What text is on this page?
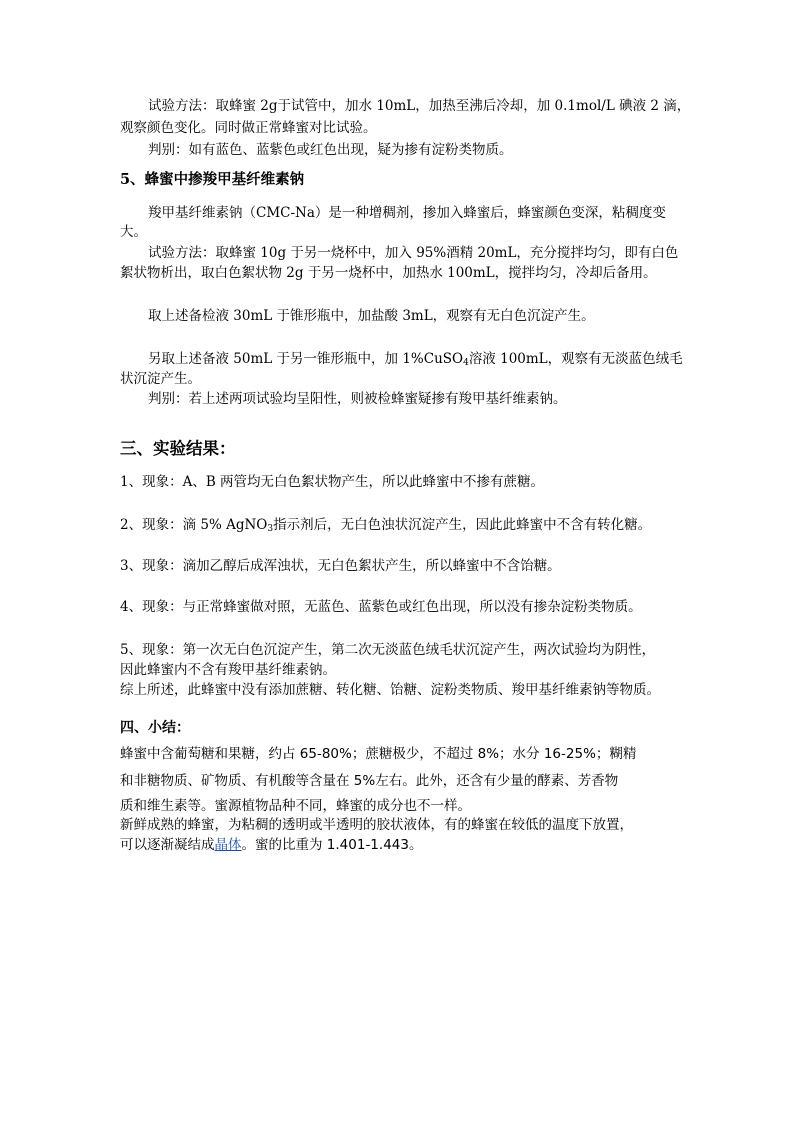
试验方法：取蜂蜜 2g于试管中，加水 10mL，加热至沸后冷却，加 0.1mol/L 碘液 2 滴，
观察颜色变化。同时做正常蜂蜜对比试验。
判别：如有蓝色、蓝紫色或红色出现，疑为掺有淀粉类物质。
5、蜂蜜中掺羧甲基纤维素钠
羧甲基纤维素钠（CMC-Na）是一种增稠剂，掺加入蜂蜜后，蜂蜜颜色变深，粘稠度变
大。
试验方法：取蜂蜜 10g 于另一烧杯中，加入 95%酒精 20mL，充分搅拌均匀，即有白色
絮状物析出，取白色絮状物 2g 于另一烧杯中，加热水 100mL，搅拌均匀，冷却后备用。
取上述备检液 30mL 于锥形瓶中，加盐酸 3mL，观察有无白色沉淀产生。
另取上述备液 50mL 于另一锥形瓶中，加 1%CuSO$_4$溶液 100mL，观察有无淡蓝色绒毛
状沉淀产生。
判别：若上述两项试验均呈阳性，则被检蜂蜜疑掺有羧甲基纤维素钠。
三、实验结果：
1、现象：A、B 两管均无白色絮状物产生，所以此蜂蜜中不掺有蔗糖。
2、现象：滴 5% AgNO$_3$指示剂后，无白色浊状沉淀产生，因此此蜂蜜中不含有转化糖。
3、现象：滴加乙醇后成浑浊状，无白色絮状产生，所以蜂蜜中不含饴糖。
4、现象：与正常蜂蜜做对照，无蓝色、蓝紫色或红色出现，所以没有掺杂淀粉类物质。
5、现象：第一次无白色沉淀产生，第二次无淡蓝色绒毛状沉淀产生，两次试验均为阴性，
因此蜂蜜内不含有羧甲基纤维素钠。
综上所述，此蜂蜜中没有添加蔗糖、转化糖、饴糖、淀粉类物质、羧甲基纤维素钠等物质。
四、小结：
蜂蜜中含葡萄糖和果糖，约占 65-80%；蔗糖极少，不超过 8%；水分 16-25%；糊精
和非糖物质、矿物质、有机酸等含量在 5%左右。此外，还含有少量的酵素、芳香物
质和维生素等。蜜源植物品种不同，蜂蜜的成分也不一样。
新鲜成熟的蜂蜜，为粘稠的透明或半透明的胶状液体，有的蜂蜜在较低的温度下放置，
可以逐渐凝结成晶体。蜜的比重为 1.401-1.443。
